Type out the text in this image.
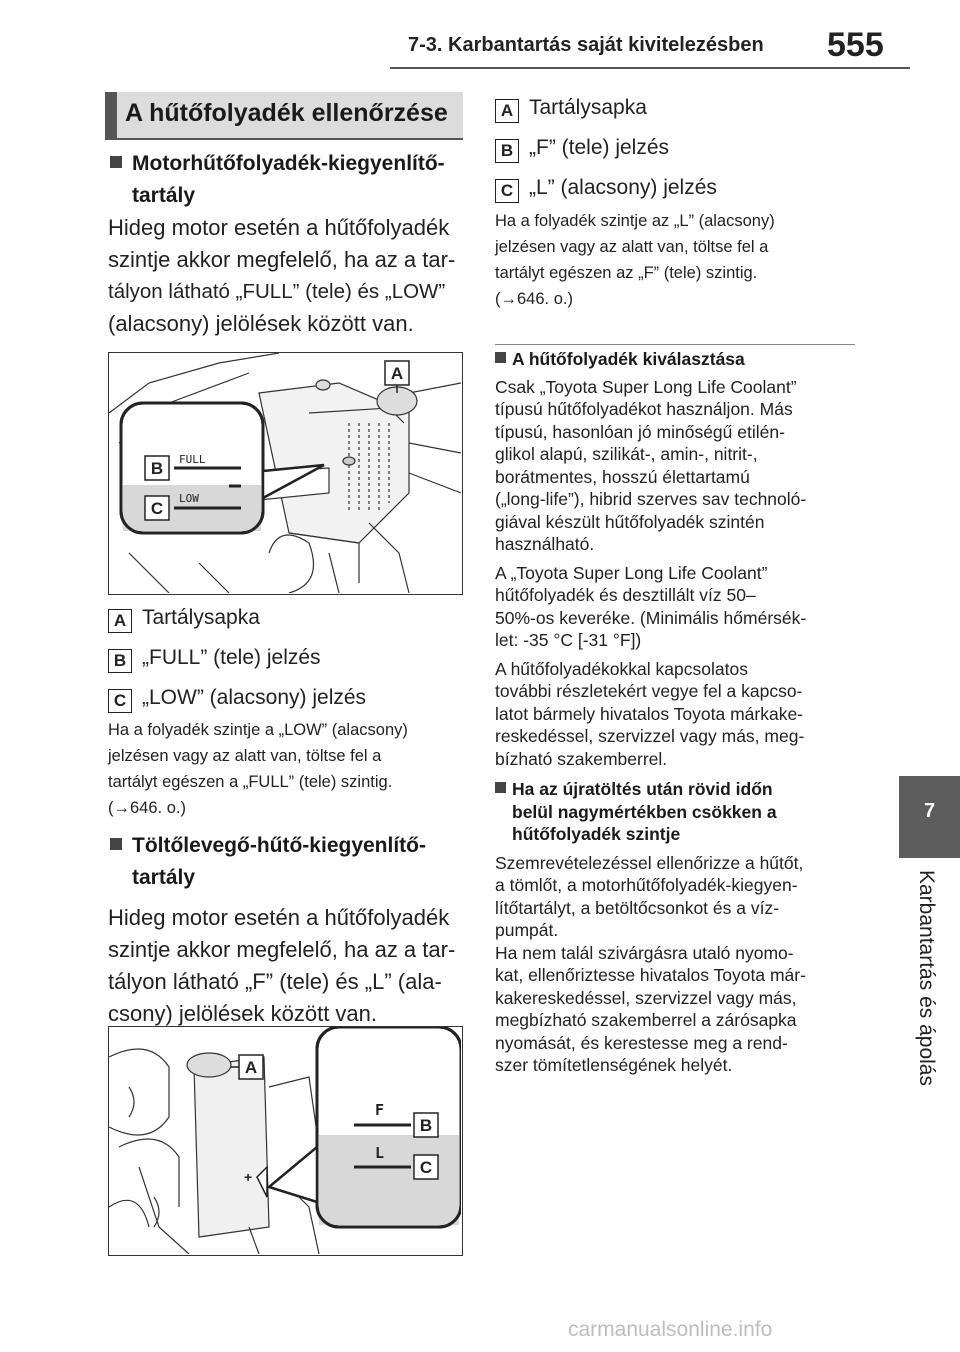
7-3. Karbantartás saját kivitelezésben 555
7
Karbantartás és ápolás
A hűtőfolyadék ellenőrzése
Motorhűtőfolyadék-kiegyenlítő-
tartály
Hideg motor esetén a hűtőfolyadék
szintje akkor megfelelő, ha az a tar-
tályon látható „FULL” (tele) és „LOW”
(alacsony) jelölések között van.
FULL
LOW
B
C
A
A Tartálysapka
B „FULL” (tele) jelzés
C „LOW” (alacsony) jelzés
Ha a folyadék szintje a „LOW” (alacsony)
jelzésen vagy az alatt van, töltse fel a
tartályt egészen a „FULL” (tele) szintig.
(→646. o.)
Töltőlevegő-hűtő-kiegyenlítő-
tartály
Hideg motor esetén a hűtőfolyadék
szintje akkor megfelelő, ha az a tar-
tályon látható „F” (tele) és „L” (ala-
csony) jelölések között van.
+
F
L
B
C
A
A Tartálysapka
B „F” (tele) jelzés
C „L” (alacsony) jelzés
Ha a folyadék szintje az „L” (alacsony)
jelzésen vagy az alatt van, töltse fel a
tartályt egészen az „F” (tele) szintig.
(→646. o.)
A hűtőfolyadék kiválasztása
Csak „Toyota Super Long Life Coolant”
típusú hűtőfolyadékot használjon. Más
típusú, hasonlóan jó minőségű etilén-
glikol alapú, szilikát-, amin-, nitrit-,
borátmentes, hosszú élettartamú
(„long-life”), hibrid szerves sav technoló-
giával készült hűtőfolyadék szintén
használható.
A „Toyota Super Long Life Coolant”
hűtőfolyadék és desztillált víz 50–
50%-os keveréke. (Minimális hőmérsék-
let: -35 °C [-31 °F])
A hűtőfolyadékokkal kapcsolatos
további részletekért vegye fel a kapcso-
latot bármely hivatalos Toyota márkake-
reskedéssel, szervizzel vagy más, meg-
bízható szakemberrel.
Ha az újratöltés után rövid időn
belül nagymértékben csökken a
hűtőfolyadék szintje
Szemrevételezéssel ellenőrizze a hűtőt,
a tömlőt, a motorhűtőfolyadék-kiegyen-
lítőtartályt, a betöltőcsonkot és a víz-
pumpát.
Ha nem talál szivárgásra utaló nyomo-
kat, ellenőriztesse hivatalos Toyota már-
kakereskedéssel, szervizzel vagy más,
megbízható szakemberrel a zárósapka
nyomását, és kerestesse meg a rend-
szer tömítetlenségének helyét.
carmanualsonline.info
